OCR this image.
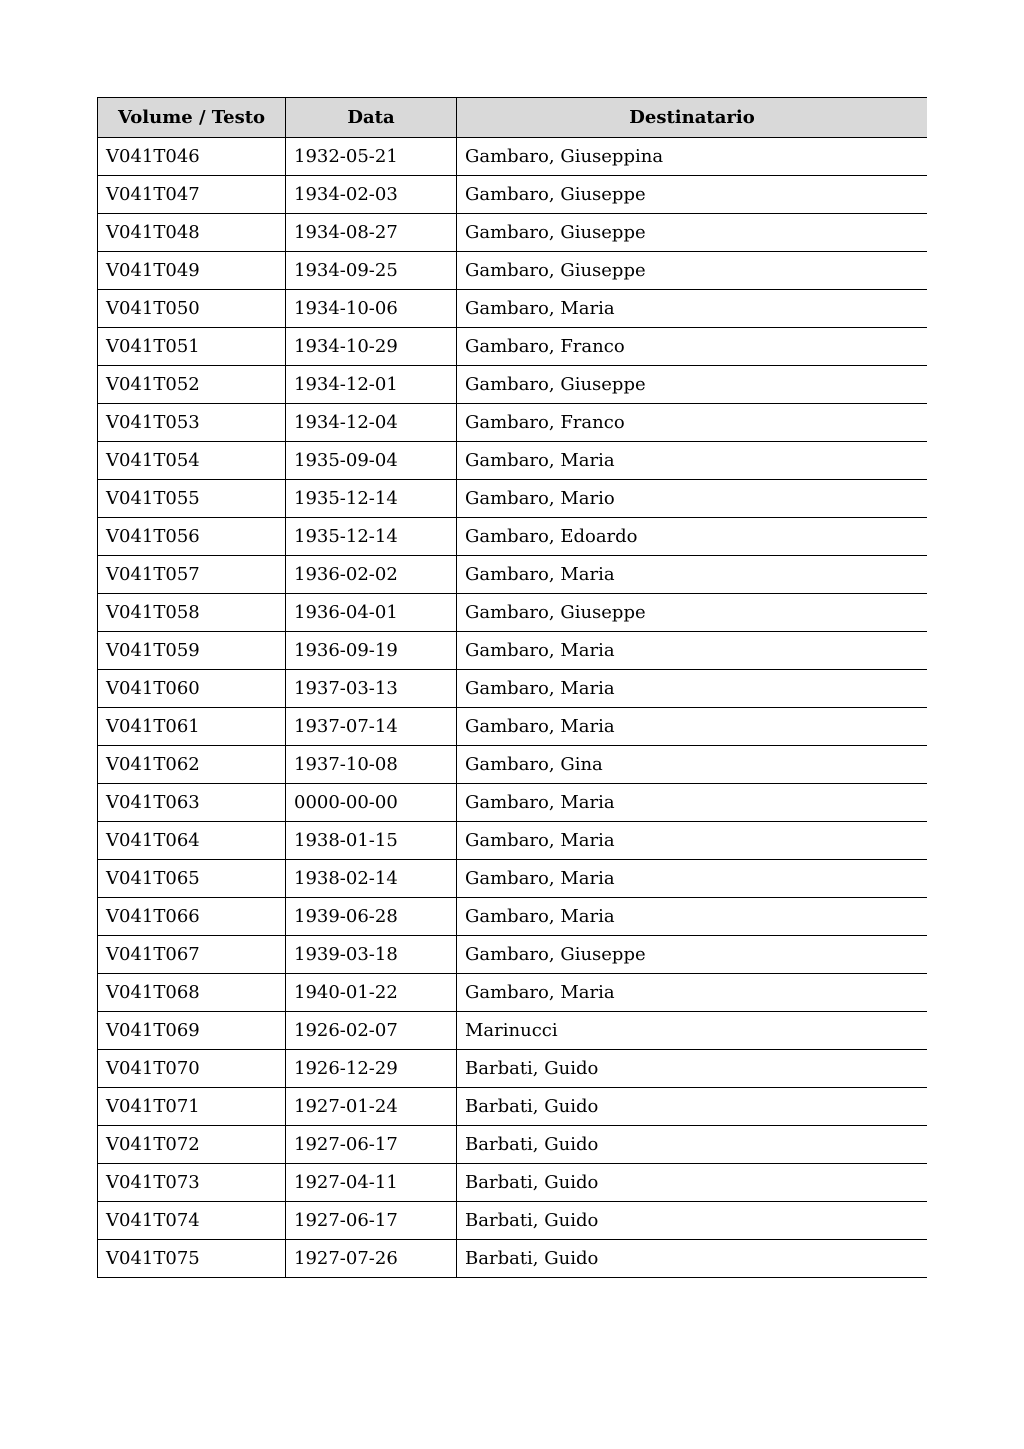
Volume / Testo	Data	Destinatario
V041T046	1932-05-21	Gambaro, Giuseppina
V041T047	1934-02-03	Gambaro, Giuseppe
V041T048	1934-08-27	Gambaro, Giuseppe
V041T049	1934-09-25	Gambaro, Giuseppe
V041T050	1934-10-06	Gambaro, Maria
V041T051	1934-10-29	Gambaro, Franco
V041T052	1934-12-01	Gambaro, Giuseppe
V041T053	1934-12-04	Gambaro, Franco
V041T054	1935-09-04	Gambaro, Maria
V041T055	1935-12-14	Gambaro, Mario
V041T056	1935-12-14	Gambaro, Edoardo
V041T057	1936-02-02	Gambaro, Maria
V041T058	1936-04-01	Gambaro, Giuseppe
V041T059	1936-09-19	Gambaro, Maria
V041T060	1937-03-13	Gambaro, Maria
V041T061	1937-07-14	Gambaro, Maria
V041T062	1937-10-08	Gambaro, Gina
V041T063	0000-00-00	Gambaro, Maria
V041T064	1938-01-15	Gambaro, Maria
V041T065	1938-02-14	Gambaro, Maria
V041T066	1939-06-28	Gambaro, Maria
V041T067	1939-03-18	Gambaro, Giuseppe
V041T068	1940-01-22	Gambaro, Maria
V041T069	1926-02-07	Marinucci
V041T070	1926-12-29	Barbati, Guido
V041T071	1927-01-24	Barbati, Guido
V041T072	1927-06-17	Barbati, Guido
V041T073	1927-04-11	Barbati, Guido
V041T074	1927-06-17	Barbati, Guido
V041T075	1927-07-26	Barbati, Guido
